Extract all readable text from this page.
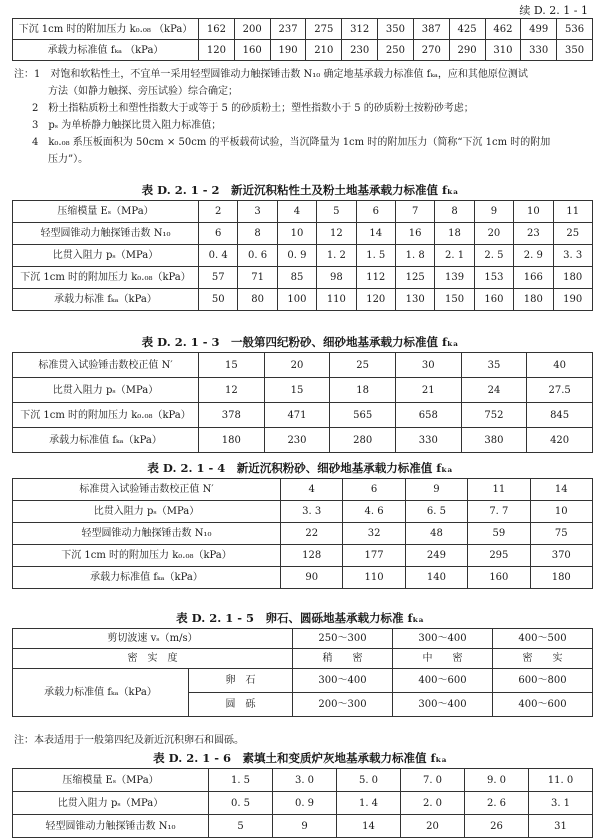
续 D. 2. 1 - 1
下沉 1cm 时的附加压力 k₀.₀₈ （kPa）	162	200	237	275	312	350	387	425	462	499	536
承载力标准值 fₖₐ （kPa）	120	160	190	210	230	250	270	290	310	330	350
注：1　对饱和软粘性土，不宜单一采用轻型圆锥动力触探锤击数 N₁₀ 确定地基承载力标准值 fₖₐ，应和其他原位测试
方法（如静力触探、旁压试验）综合确定；
2　粉土指粘质粉土和塑性指数大于或等于 5 的砂质粉土；塑性指数小于 5 的砂质粉土按粉砂考虑；
3　pₛ 为单桥静力触探比贯入阻力标准值；
4　k₀.₀₈ 系压板面积为 50cm × 50cm 的平板载荷试验，当沉降量为 1cm 时的附加压力（简称“下沉 1cm 时的附加
压力”）。
表 D. 2. 1 - 2　新近沉积粘性土及粉土地基承载力标准值 fₖₐ
压缩模量 Eₛ（MPa）	2	3	4	5	6	7	8	9	10	11
轻型圆锥动力触探锤击数 N₁₀	6	8	10	12	14	16	18	20	23	25
比贯入阻力 pₛ（MPa）	0. 4	0. 6	0. 9	1. 2	1. 5	1. 8	2. 1	2. 5	2. 9	3. 3
下沉 1cm 时的附加压力 k₀.₀₈（kPa）	57	71	85	98	112	125	139	153	166	180
承载力标准 fₖₐ（kPa）	50	80	100	110	120	130	150	160	180	190
表 D. 2. 1 - 3　一般第四纪粉砂、细砂地基承载力标准值 fₖₐ
标准贯入试验锤击数校正值 N′	15	20	25	30	35	40
比贯入阻力 pₛ（MPa）	12	15	18	21	24	27.5
下沉 1cm 时的附加压力 k₀.₀₈（kPa）	378	471	565	658	752	845
承载力标准值 fₖₐ（kPa）	180	230	280	330	380	420
表 D. 2. 1 - 4　新近沉积粉砂、细砂地基承载力标准值 fₖₐ
标准贯入试验锤击数校正值 N′	4	6	9	11	14
比贯入阻力 pₛ（MPa）	3. 3	4. 6	6. 5	7. 7	10
轻型圆锥动力触探锤击数 N₁₀	22	32	48	59	75
下沉 1cm 时的附加压力 k₀.₀₈（kPa）	128	177	249	295	370
承载力标准值 fₖₐ（kPa）	90	110	140	160	180
表 D. 2. 1 - 5　卵石、圆砾地基承载力标准 fₖₐ
剪切波速 vₛ（m/s）		250～300	300～400	400～500
密　实　度		稍　　密	中　　密	密　　实
承载力标准值 fₖₐ（kPa）	卵　石	300～400	400～600	600～800
	圆　砾	200～300	300～400	400～600
注：本表适用于一般第四纪及新近沉积卵石和圆砾。
表 D. 2. 1 - 6　素填土和变质炉灰地基承载力标准值 fₖₐ
压缩模量 Eₛ（MPa）	1. 5	3. 0	5. 0	7. 0	9. 0	11. 0
比贯入阻力 pₛ（MPa）	0. 5	0. 9	1. 4	2. 0	2. 6	3. 1
轻型圆锥动力触探锤击数 N₁₀	5	9	14	20	26	31
